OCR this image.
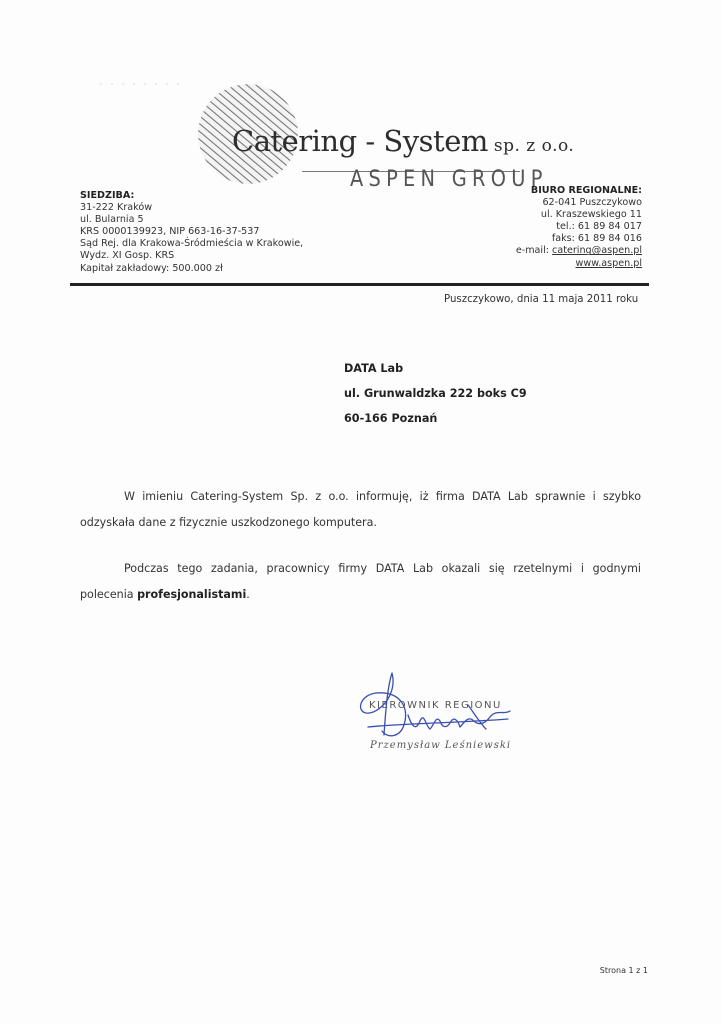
Catering - System sp. z o.o.
ASPEN GROUP
SIEDZIBA:
31-222 Kraków
ul. Bularnia 5
KRS 0000139923, NIP 663-16-37-537
Sąd Rej. dla Krakowa-Śródmieścia w Krakowie,
Wydz. XI Gosp. KRS
Kapitał zakładowy: 500.000 zł
BIURO REGIONALNE:
62-041 Puszczykowo
ul. Kraszewskiego 11
tel.: 61 89 84 017
faks: 61 89 84 016
e-mail: catering@aspen.pl
www.aspen.pl
Puszczykowo, dnia 11 maja 2011 roku
DATA Lab
ul. Grunwaldzka 222 boks C9
60-166 Poznań

W imieniu Catering-System Sp. z o.o. informuję, iż firma DATA Lab sprawnie i szybko odzyskała dane z fizycznie uszkodzonego komputera.

Podczas tego zadania, pracownicy firmy DATA Lab okazali się rzetelnymi i godnymi polecenia profesjonalistami.

KIEROWNIK REGIONU
Przemysław Leśniewski
Strona 1 z 1
